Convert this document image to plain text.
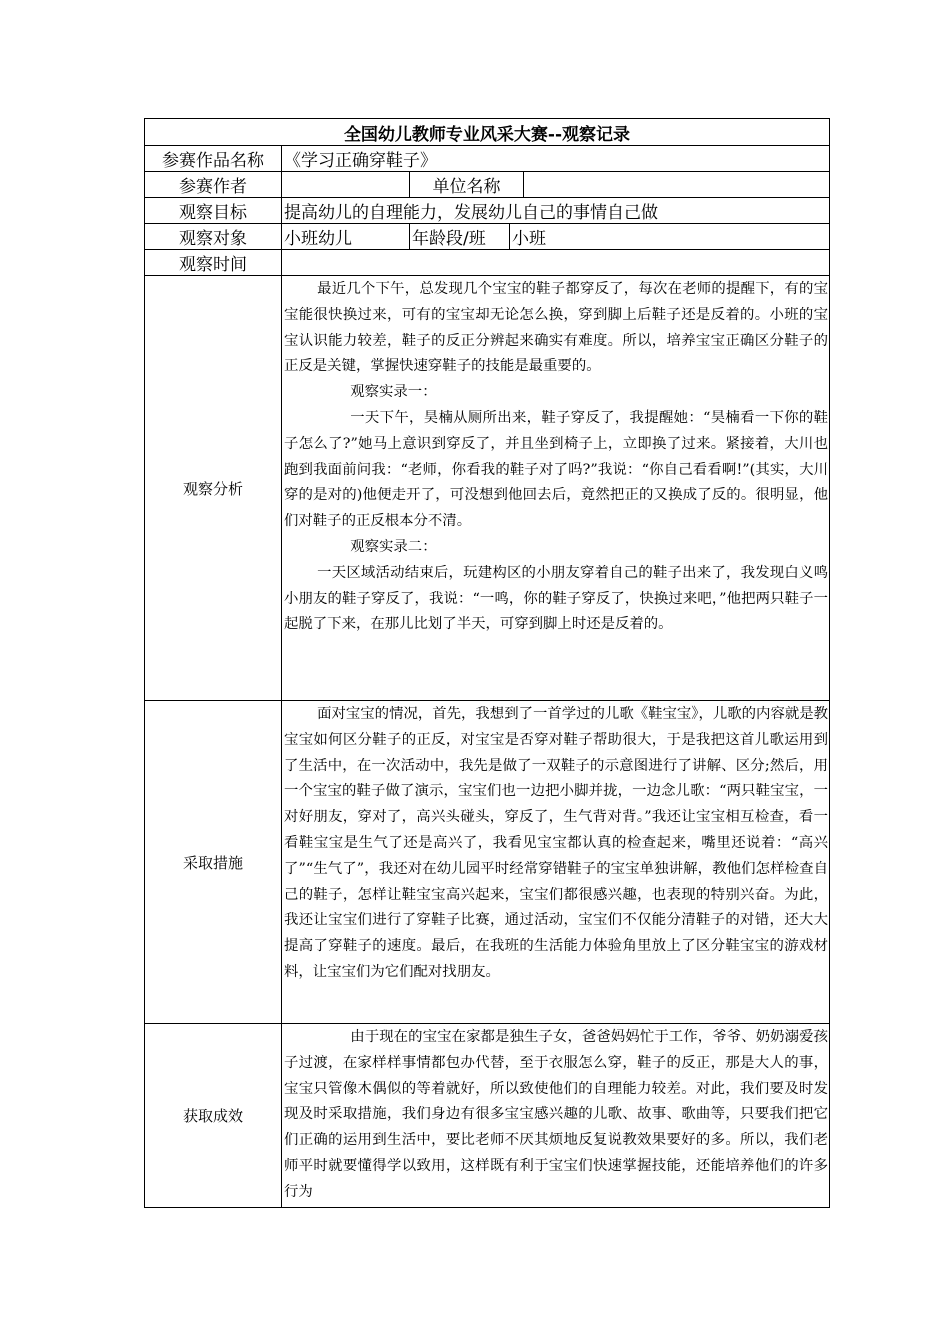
全国幼儿教师专业风采大赛--观察记录				
参赛作品名称	《学习正确穿鞋子》			
参赛作者		单位名称		
观察目标	提高幼儿的自理能力，发展幼儿自己的事情自己做			
观察对象	小班幼儿	年龄段/班	小班	
观察时间				
观察分析	最近几个下午，总发现几个宝宝的鞋子都穿反了，每次在老师的提醒下，有的宝宝能很快换过来，可有的宝宝却无论怎么换，穿到脚上后鞋子还是反着的。小班的宝宝认识能力较差，鞋子的反正分辨起来确实有难度。所以，培养宝宝正确区分鞋子的正反是关键，掌握快速穿鞋子的技能是最重要的。

观察实录一：

一天下午，昊楠从厕所出来，鞋子穿反了，我提醒她：“昊楠看一下你的鞋子怎么了?”她马上意识到穿反了，并且坐到椅子上，立即换了过来。紧接着，大川也跑到我面前问我：“老师，你看我的鞋子对了吗?”我说：“你自己看看啊!”(其实，大川穿的是对的)他便走开了，可没想到他回去后，竟然把正的又换成了反的。很明显，他们对鞋子的正反根本分不清。

观察实录二：

一天区域活动结束后，玩建构区的小朋友穿着自己的鞋子出来了，我发现白义鸣小朋友的鞋子穿反了，我说：“一鸣，你的鞋子穿反了，快换过来吧，”他把两只鞋子一起脱了下来，在那儿比划了半天，可穿到脚上时还是反着的。			

采取措施	面对宝宝的情况，首先，我想到了一首学过的儿歌《鞋宝宝》，儿歌的内容就是教宝宝如何区分鞋子的正反，对宝宝是否穿对鞋子帮助很大，于是我把这首儿歌运用到了生活中，在一次活动中，我先是做了一双鞋子的示意图进行了讲解、区分;然后，用一个宝宝的鞋子做了演示，宝宝们也一边把小脚并拢，一边念儿歌：“两只鞋宝宝，一对好朋友，穿对了，高兴头碰头，穿反了，生气背对背。”我还让宝宝相互检查，看一看鞋宝宝是生气了还是高兴了，我看见宝宝都认真的检查起来，嘴里还说着：“高兴了”“生气了”，我还对在幼儿园平时经常穿错鞋子的宝宝单独讲解，教他们怎样检查自己的鞋子，怎样让鞋宝宝高兴起来，宝宝们都很感兴趣，也表现的特别兴奋。为此，我还让宝宝们进行了穿鞋子比赛，通过活动，宝宝们不仅能分清鞋子的对错，还大大提高了穿鞋子的速度。最后，在我班的生活能力体验角里放上了区分鞋宝宝的游戏材料，让宝宝们为它们配对找朋友。			

获取成效	由于现在的宝宝在家都是独生子女，爸爸妈妈忙于工作，爷爷、奶奶溺爱孩子过渡，在家样样事情都包办代替，至于衣服怎么穿，鞋子的反正，那是大人的事，宝宝只管像木偶似的等着就好，所以致使他们的自理能力较差。对此，我们要及时发现及时采取措施，我们身边有很多宝宝感兴趣的儿歌、故事、歌曲等，只要我们把它们正确的运用到生活中，要比老师不厌其烦地反复说教效果要好的多。所以，我们老师平时就要懂得学以致用，这样既有利于宝宝们快速掌握技能，还能培养他们的许多行为			
